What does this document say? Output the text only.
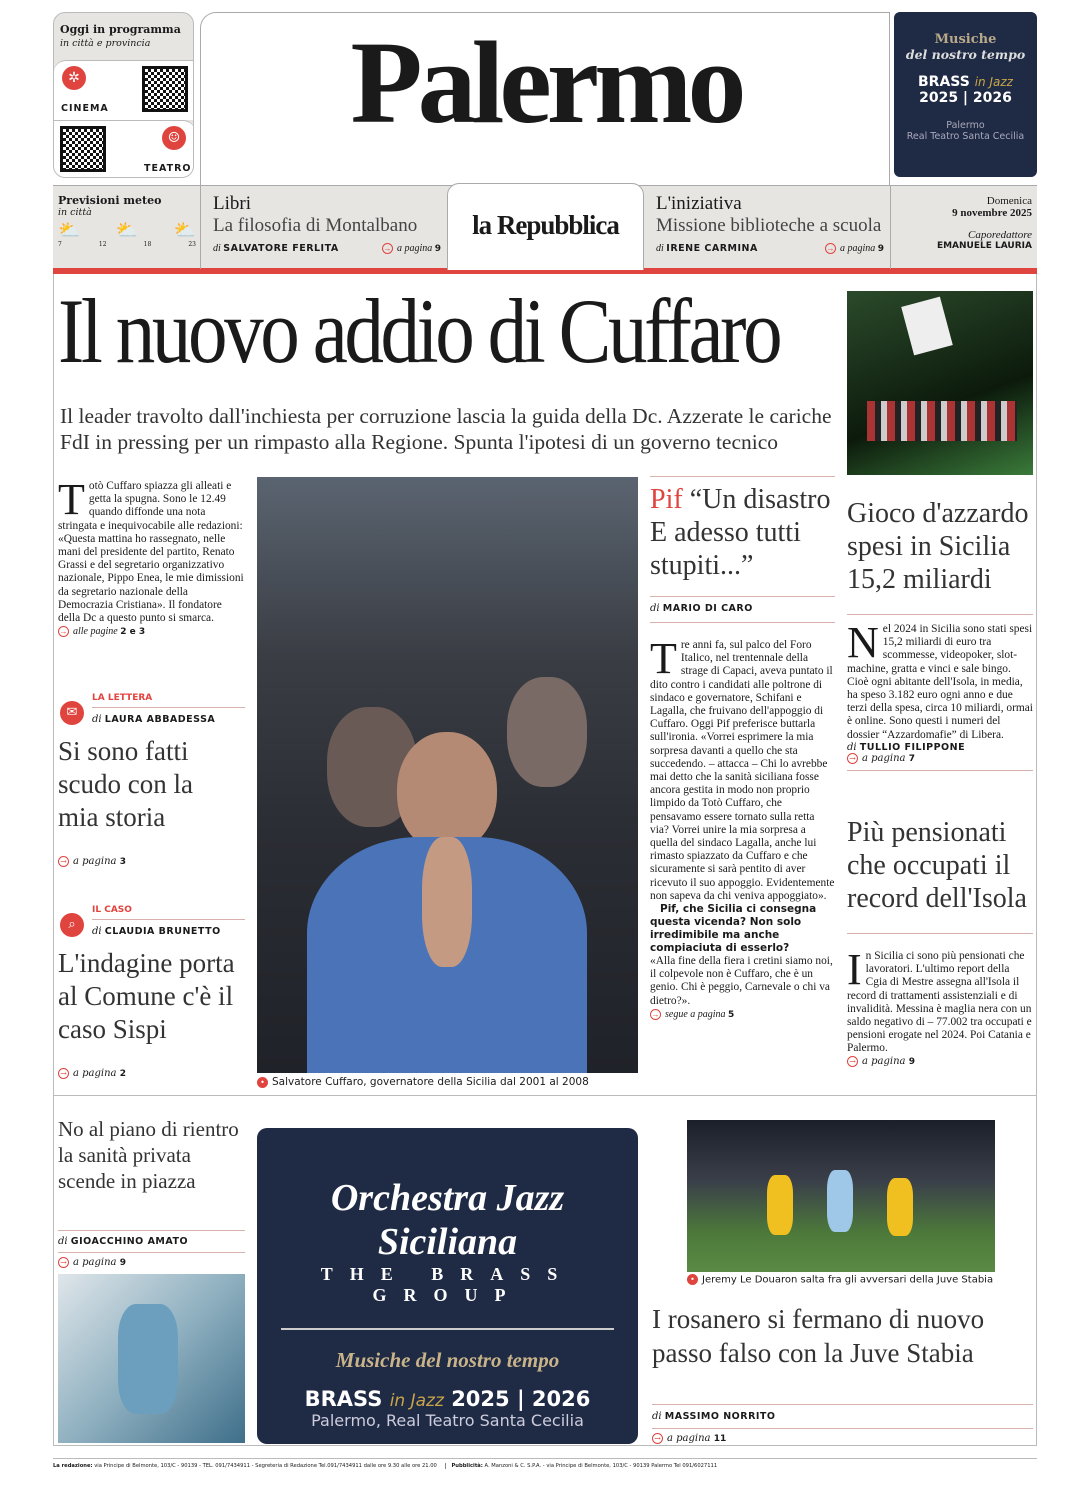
Oggi in programma
in città e provincia
✲
CINEMA
☺
TEATRO
Palermo	Musiche
del nostro tempo
BRASS in Jazz
2025 | 2026
Palermo
Real Teatro Santa Cecilia
Previsioni meteo
in città
⛅ ⛅ ⛅
7	12	18	23
Libri
La filosofia di Montalbano
di SALVATORE FERLITA	→ a pagina 9
la Repubblica
L'iniziativa
Missione biblioteche a scuola
di IRENE CARMINA	→ a pagina 9
Domenica
9 novembre 2025
Caporedattore
EMANUELE LAURIA
Il nuovo addio di Cuffaro
Il leader travolto dall'inchiesta per corruzione lascia la guida della Dc. Azzerate le cariche FdI in pressing per un rimpasto alla Regione. Spunta l'ipotesi di un governo tecnico
Totò Cuffaro spiazza gli alleati e getta la spugna. Sono le 12.49 quando diffonde una nota stringata e inequivocabile alle redazioni: «Questa mattina ho rassegnato, nelle mani del presidente del partito, Renato Grassi e del segretario organizzativo nazionale, Pippo Enea, le mie dimissioni da segretario nazionale della Democrazia Cristiana». Il fondatore della Dc a questo punto si smarca.
→ alle pagine 2 e 3
✉
LA LETTERA
di LAURA ABBADESSA
Si sono fatti scudo con la mia storia
→ a pagina 3
⌕
IL CASO
di CLAUDIA BRUNETTO
L'indagine porta al Comune c'è il caso Sispi
→ a pagina 2
• Salvatore Cuffaro, governatore della Sicilia dal 2001 al 2008
Pif “Un disastro E adesso tutti stupiti...”
di MARIO DI CARO
Tre anni fa, sul palco del Foro Italico, nel trentennale della strage di Capaci, aveva puntato il dito contro i candidati alle poltrone di sindaco e governatore, Schifani e Lagalla, che fruivano dell'appoggio di Cuffaro. Oggi Pif preferisce buttarla sull'ironia. «Vorrei esprimere la mia sorpresa davanti a quello che sta succedendo. – attacca – Chi lo avrebbe mai detto che la sanità siciliana fosse ancora gestita in modo non proprio limpido da Totò Cuffaro, che pensavamo essere tornato sulla retta via? Vorrei unire la mia sorpresa a quella del sindaco Lagalla, anche lui rimasto spiazzato da Cuffaro e che sicuramente si sarà pentito di aver ricevuto il suo appoggio. Evidentemente non sapeva da chi veniva appoggiato».
Pif, che Sicilia ci consegna questa vicenda? Non solo irredimibile ma anche compiaciuta di esserlo?
«Alla fine della fiera i cretini siamo noi, il colpevole non è Cuffaro, che è un genio. Chi è peggio, Carnevale o chi va dietro?».
→ segue a pagina 5
Gioco d'azzardo spesi in Sicilia 15,2 miliardi
Nel 2024 in Sicilia sono stati spesi 15,2 miliardi di euro tra scommesse, videopoker, slot-machine, gratta e vinci e sale bingo. Cioè ogni abitante dell'Isola, in media, ha speso 3.182 euro ogni anno e due terzi della spesa, circa 10 miliardi, ormai è online. Sono questi i numeri del dossier “Azzardomafie” di Libera.
di TULLIO FILIPPONE
→ a pagina 7
Più pensionati che occupati il record dell'Isola
In Sicilia ci sono più pensionati che lavoratori. L'ultimo report della Cgia di Mestre assegna all'Isola il record di trattamenti assistenziali e di invalidità. Messina è maglia nera con un saldo negativo di – 77.002 tra occupati e pensioni erogate nel 2024. Poi Catania e Palermo.
→ a pagina 9
No al piano di rientro la sanità privata scende in piazza
di GIOACCHINO AMATO
→ a pagina 9
Orchestra Jazz Siciliana
THE BRASS GROUP
Musiche del nostro tempo
BRASS in Jazz 2025 | 2026
Palermo, Real Teatro Santa Cecilia
• Jeremy Le Douaron salta fra gli avversari della Juve Stabia
I rosanero si fermano di nuovo passo falso con la Juve Stabia
di MASSIMO NORRITO
→ a pagina 11
La redazione: via Principe di Belmonte, 103/C - 90139 - TEL. 091/7434911 - Segreteria di Redazione Tel.091/7434911 dalle ore 9.30 alle ore 21.00	Pubblicità: A. Manzoni & C. S.P.A. - via Principe di Belmonte, 103/C - 90139 Palermo Tel 091/6027111
